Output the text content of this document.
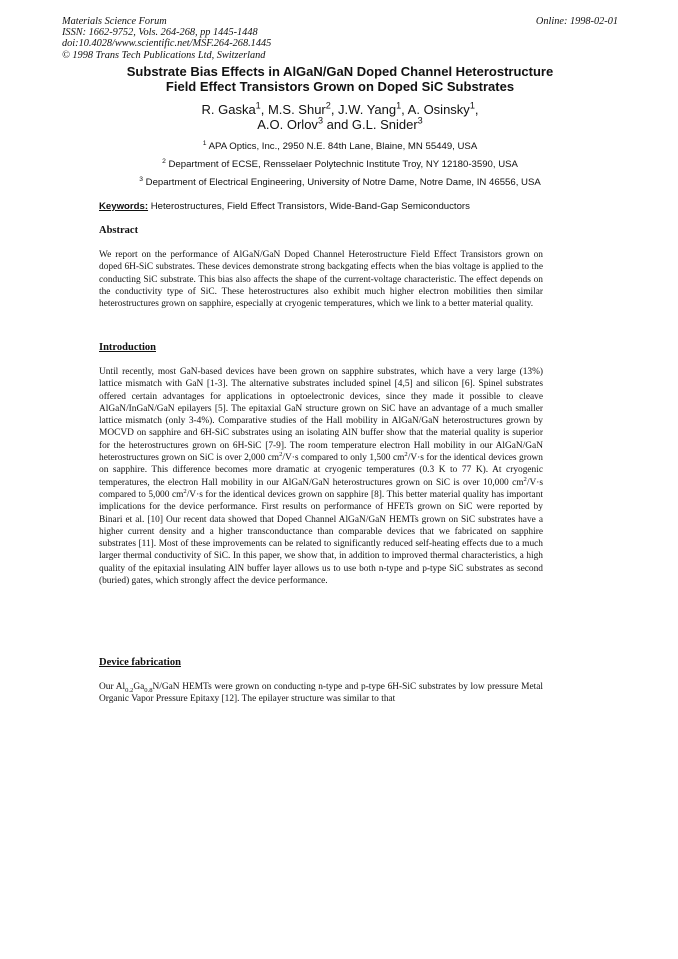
Materials Science Forum
ISSN: 1662-9752, Vols. 264-268, pp 1445-1448
doi:10.4028/www.scientific.net/MSF.264-268.1445
© 1998 Trans Tech Publications Ltd, Switzerland
Online: 1998-02-01
Substrate Bias Effects in AlGaN/GaN Doped Channel Heterostructure
Field Effect Transistors Grown on Doped SiC Substrates
R. Gaska$^1$, M.S. Shur$^2$, J.W. Yang$^1$, A. Osinsky$^1$,
A.O. Orlov$^3$ and G.L. Snider$^3$
$^1$ APA Optics, Inc., 2950 N.E. 84th Lane, Blaine, MN 55449, USA
$^2$ Department of ECSE, Rensselaer Polytechnic Institute Troy, NY 12180-3590, USA
$^3$ Department of Electrical Engineering, University of Notre Dame, Notre Dame, IN 46556, USA
Keywords: Heterostructures, Field Effect Transistors, Wide-Band-Gap Semiconductors
Abstract

We report on the performance of AlGaN/GaN Doped Channel Heterostructure Field Effect Transistors grown on doped 6H-SiC substrates. These devices demonstrate strong backgating effects when the bias voltage is applied to the conducting SiC substrate. This bias also affects the shape of the current-voltage characteristic. The effect depends on the conductivity type of SiC. These heterostructures also exhibit much higher electron mobilities then similar heterostructures grown on sapphire, especially at cryogenic temperatures, which we link to a better material quality.

Introduction

Until recently, most GaN-based devices have been grown on sapphire substrates, which have a very large (13%) lattice mismatch with GaN [1-3]. The alternative substrates included spinel [4,5] and silicon [6]. Spinel substrates offered certain advantages for applications in optoelectronic devices, since they made it possible to cleave AlGaN/InGaN/GaN epilayers [5]. The epitaxial GaN structure grown on SiC have an advantage of a much smaller lattice mismatch (only 3-4%). Comparative studies of the Hall mobility in AlGaN/GaN heterostructures grown by MOCVD on sapphire and 6H-SiC substrates using an isolating AlN buffer show that the material quality is superior for the heterostructures grown on 6H-SiC [7-9]. The room temperature electron Hall mobility in our AlGaN/GaN heterostructures grown on SiC is over 2,000 $cm^2/V\cdot s$ compared to only 1,500 $cm^2/V\cdot s$ for the identical devices grown on sapphire. This difference becomes more dramatic at cryogenic temperatures (0.3 K to 77 K). At cryogenic temperatures, the electron Hall mobility in our AlGaN/GaN heterostructures grown on SiC is over 10,000 $cm^2/V\cdot s$ compared to 5,000 $cm^2/V\cdot s$ for the identical devices grown on sapphire [8]. This better material quality has important implications for the device performance. First results on performance of HFETs grown on SiC were reported by Binari et al. [10] Our recent data showed that Doped Channel AlGaN/GaN HEMTs grown on SiC substrates have a higher current density and a higher transconductance than comparable devices that we fabricated on sapphire substrates [11]. Most of these improvements can be related to significantly reduced self-heating effects due to a much larger thermal conductivity of SiC. In this paper, we show that, in addition to improved thermal characteristics, a high quality of the epitaxial insulating AlN buffer layer allows us to use both n-type and p-type SiC substrates as second (buried) gates, which strongly affect the device performance.

Device fabrication

Our $Al_{0.2}Ga_{0.8}N$/GaN HEMTs were grown on conducting n-type and p-type 6H-SiC substrates by low pressure Metal Organic Vapor Pressure Epitaxy [12]. The epilayer structure was similar to that
